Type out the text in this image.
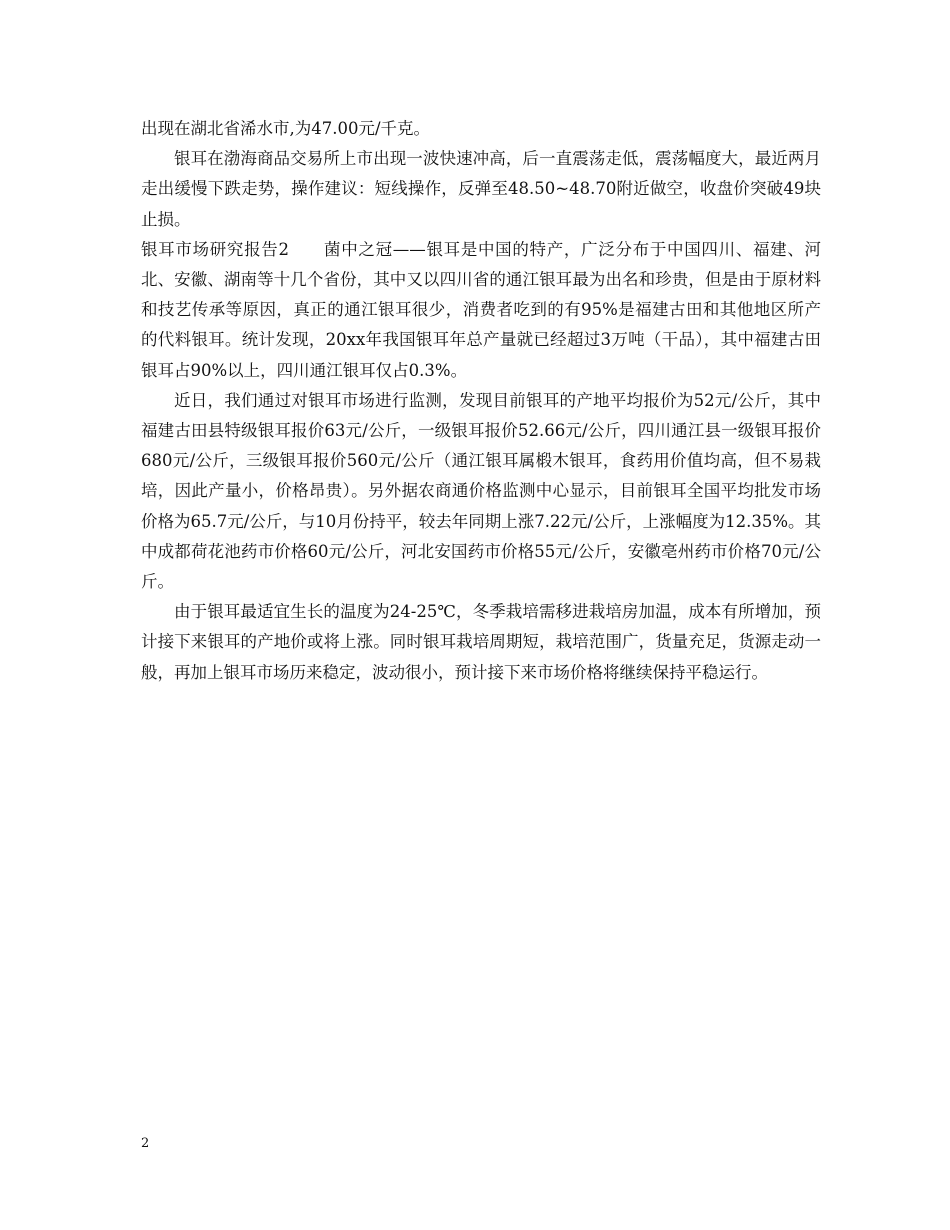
出现在湖北省浠水市,为47.00元/千克。

银耳在渤海商品交易所上市出现一波快速冲高，后一直震荡走低，震荡幅度大，最近两月走出缓慢下跌走势，操作建议：短线操作，反弹至48.50~48.70附近做空，收盘价突破49块止损。

银耳市场研究报告2　　菌中之冠——银耳是中国的特产，广泛分布于中国四川、福建、河北、安徽、湖南等十几个省份，其中又以四川省的通江银耳最为出名和珍贵，但是由于原材料和技艺传承等原因，真正的通江银耳很少，消费者吃到的有95%是福建古田和其他地区所产的代料银耳。统计发现，20xx年我国银耳年总产量就已经超过3万吨（干品），其中福建古田银耳占90%以上，四川通江银耳仅占0.3%。

近日，我们通过对银耳市场进行监测，发现目前银耳的产地平均报价为52元/公斤，其中福建古田县特级银耳报价63元/公斤，一级银耳报价52.66元/公斤，四川通江县一级银耳报价680元/公斤，三级银耳报价560元/公斤（通江银耳属椴木银耳，食药用价值均高，但不易栽培，因此产量小，价格昂贵）。另外据农商通价格监测中心显示，目前银耳全国平均批发市场价格为65.7元/公斤，与10月份持平，较去年同期上涨7.22元/公斤，上涨幅度为12.35%。其中成都荷花池药市价格60元/公斤，河北安国药市价格55元/公斤，安徽亳州药市价格70元/公斤。

由于银耳最适宜生长的温度为24-25℃，冬季栽培需移进栽培房加温，成本有所增加，预计接下来银耳的产地价或将上涨。同时银耳栽培周期短，栽培范围广，货量充足，货源走动一般，再加上银耳市场历来稳定，波动很小，预计接下来市场价格将继续保持平稳运行。

2
